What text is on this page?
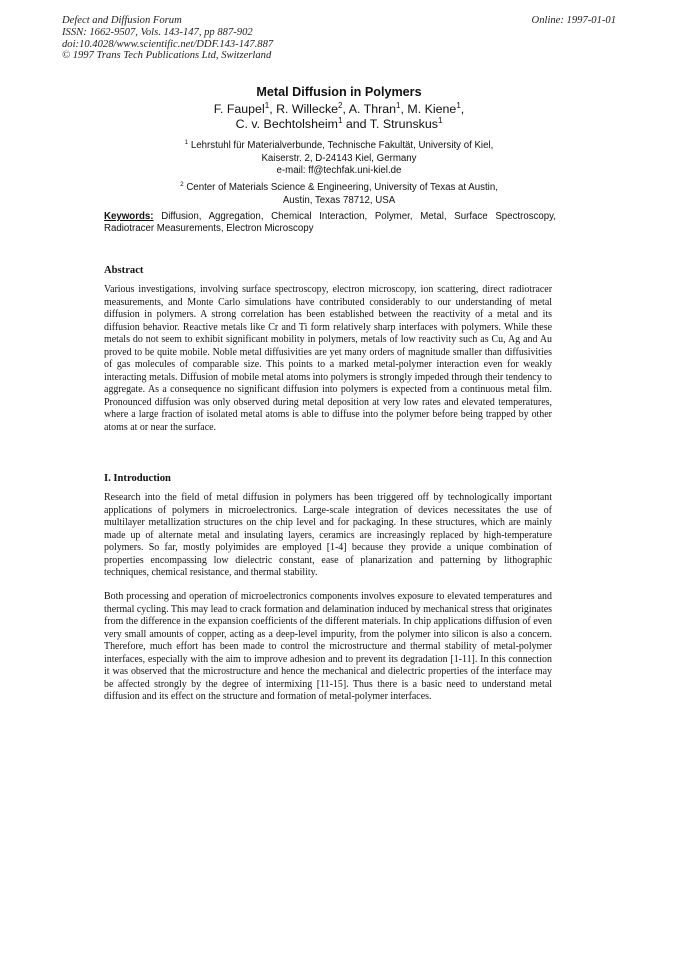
Defect and Diffusion Forum
ISSN: 1662-9507, Vols. 143-147, pp 887-902
doi:10.4028/www.scientific.net/DDF.143-147.887
© 1997 Trans Tech Publications Ltd, Switzerland
Online: 1997-01-01
Metal Diffusion in Polymers
F. Faupel$^1$, R. Willecke$^2$, A. Thran$^1$, M. Kiene$^1$,
C. v. Bechtolsheim$^1$ and T. Strunskus$^1$
$^1$ Lehrstuhl für Materialverbunde, Technische Fakultät, University of Kiel,
Kaiserstr. 2, D-24143 Kiel, Germany
e-mail: ff@techfak.uni-kiel.de
$^2$ Center of Materials Science & Engineering, University of Texas at Austin,
Austin, Texas 78712, USA
Keywords: Diffusion, Aggregation, Chemical Interaction, Polymer, Metal, Surface Spectroscopy, Radiotracer Measurements, Electron Microscopy
Abstract

Various investigations, involving surface spectroscopy, electron microscopy, ion scattering, direct radiotracer measurements, and Monte Carlo simulations have contributed considerably to our understanding of metal diffusion in polymers. A strong correlation has been established between the reactivity of a metal and its diffusion behavior. Reactive metals like Cr and Ti form relatively sharp interfaces with polymers. While these metals do not seem to exhibit significant mobility in polymers, metals of low reactivity such as Cu, Ag and Au proved to be quite mobile. Noble metal diffusivities are yet many orders of magnitude smaller than diffusivities of gas molecules of comparable size. This points to a marked metal-polymer interaction even for weakly interacting metals. Diffusion of mobile metal atoms into polymers is strongly impeded through their tendency to aggregate. As a consequence no significant diffusion into polymers is expected from a continuous metal film. Pronounced diffusion was only observed during metal deposition at very low rates and elevated temperatures, where a large fraction of isolated metal atoms is able to diffuse into the polymer before being trapped by other atoms at or near the surface.

I. Introduction

Research into the field of metal diffusion in polymers has been triggered off by technologically important applications of polymers in microelectronics. Large-scale integration of devices necessitates the use of multilayer metallization structures on the chip level and for packaging. In these structures, which are mainly made up of alternate metal and insulating layers, ceramics are increasingly replaced by high-temperature polymers. So far, mostly polyimides are employed [1-4] because they provide a unique combination of properties encompassing low dielectric constant, ease of planarization and patterning by lithographic techniques, chemical resistance, and thermal stability.

Both processing and operation of microelectronics components involves exposure to elevated temperatures and thermal cycling. This may lead to crack formation and delamination induced by mechanical stress that originates from the difference in the expansion coefficients of the different materials. In chip applications diffusion of even very small amounts of copper, acting as a deep-level impurity, from the polymer into silicon is also a concern. Therefore, much effort has been made to control the microstructure and thermal stability of metal-polymer interfaces, especially with the aim to improve adhesion and to prevent its degradation [1-11]. In this connection it was observed that the microstructure and hence the mechanical and dielectric properties of the interface may be affected strongly by the degree of intermixing [11-15]. Thus there is a basic need to understand metal diffusion and its effect on the structure and formation of metal-polymer interfaces.
